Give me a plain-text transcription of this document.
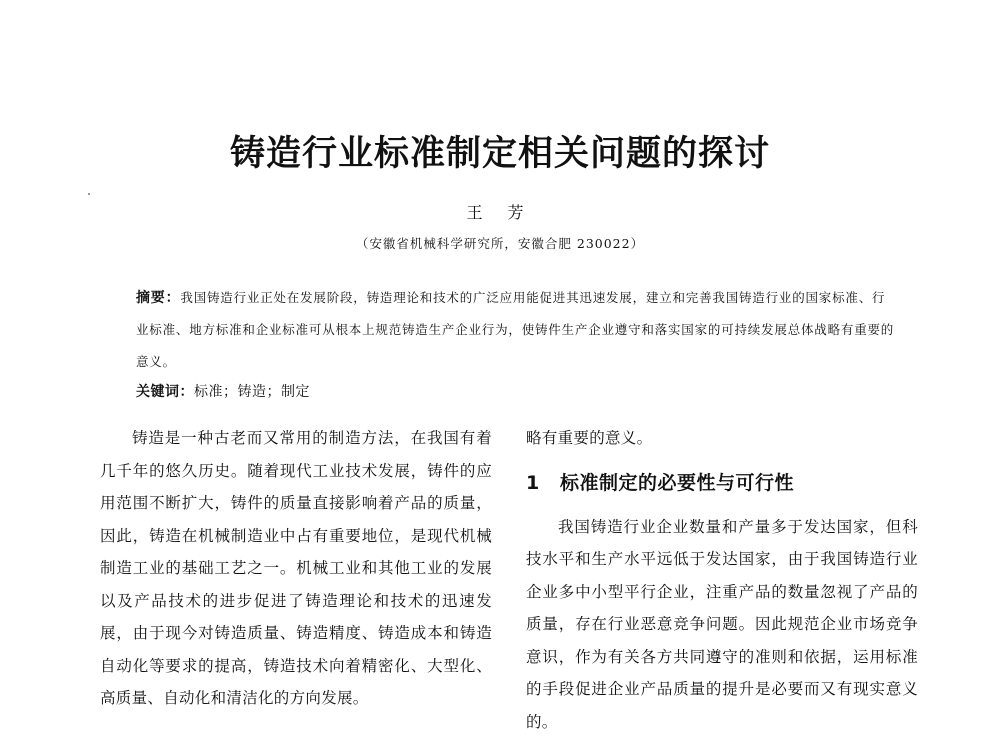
铸造行业标准制定相关问题的探讨
王 芳
（安徽省机械科学研究所，安徽合肥 230022）

摘要：我国铸造行业正处在发展阶段，铸造理论和技术的广泛应用能促进其迅速发展，建立和完善我国铸造行业的国家标准、行业标准、地方标准和企业标准可从根本上规范铸造生产企业行为，使铸件生产企业遵守和落实国家的可持续发展总体战略有重要的意义。

关键词：标准；铸造；制定

铸造是一种古老而又常用的制造方法，在我国有着几千年的悠久历史。随着现代工业技术发展，铸件的应用范围不断扩大，铸件的质量直接影响着产品的质量，因此，铸造在机械制造业中占有重要地位，是现代机械制造工业的基础工艺之一。机械工业和其他工业的发展以及产品技术的进步促进了铸造理论和技术的迅速发展，由于现今对铸造质量、铸造精度、铸造成本和铸造自动化等要求的提高，铸造技术向着精密化、大型化、高质量、自动化和清洁化的方向发展。

略有重要的意义。

1 标准制定的必要性与可行性

我国铸造行业企业数量和产量多于发达国家，但科技水平和生产水平远低于发达国家，由于我国铸造行业企业多中小型平行企业，注重产品的数量忽视了产品的质量，存在行业恶意竞争问题。因此规范企业市场竞争意识，作为有关各方共同遵守的准则和依据，运用标准的手段促进企业产品质量的提升是必要而又有现实意义的。
